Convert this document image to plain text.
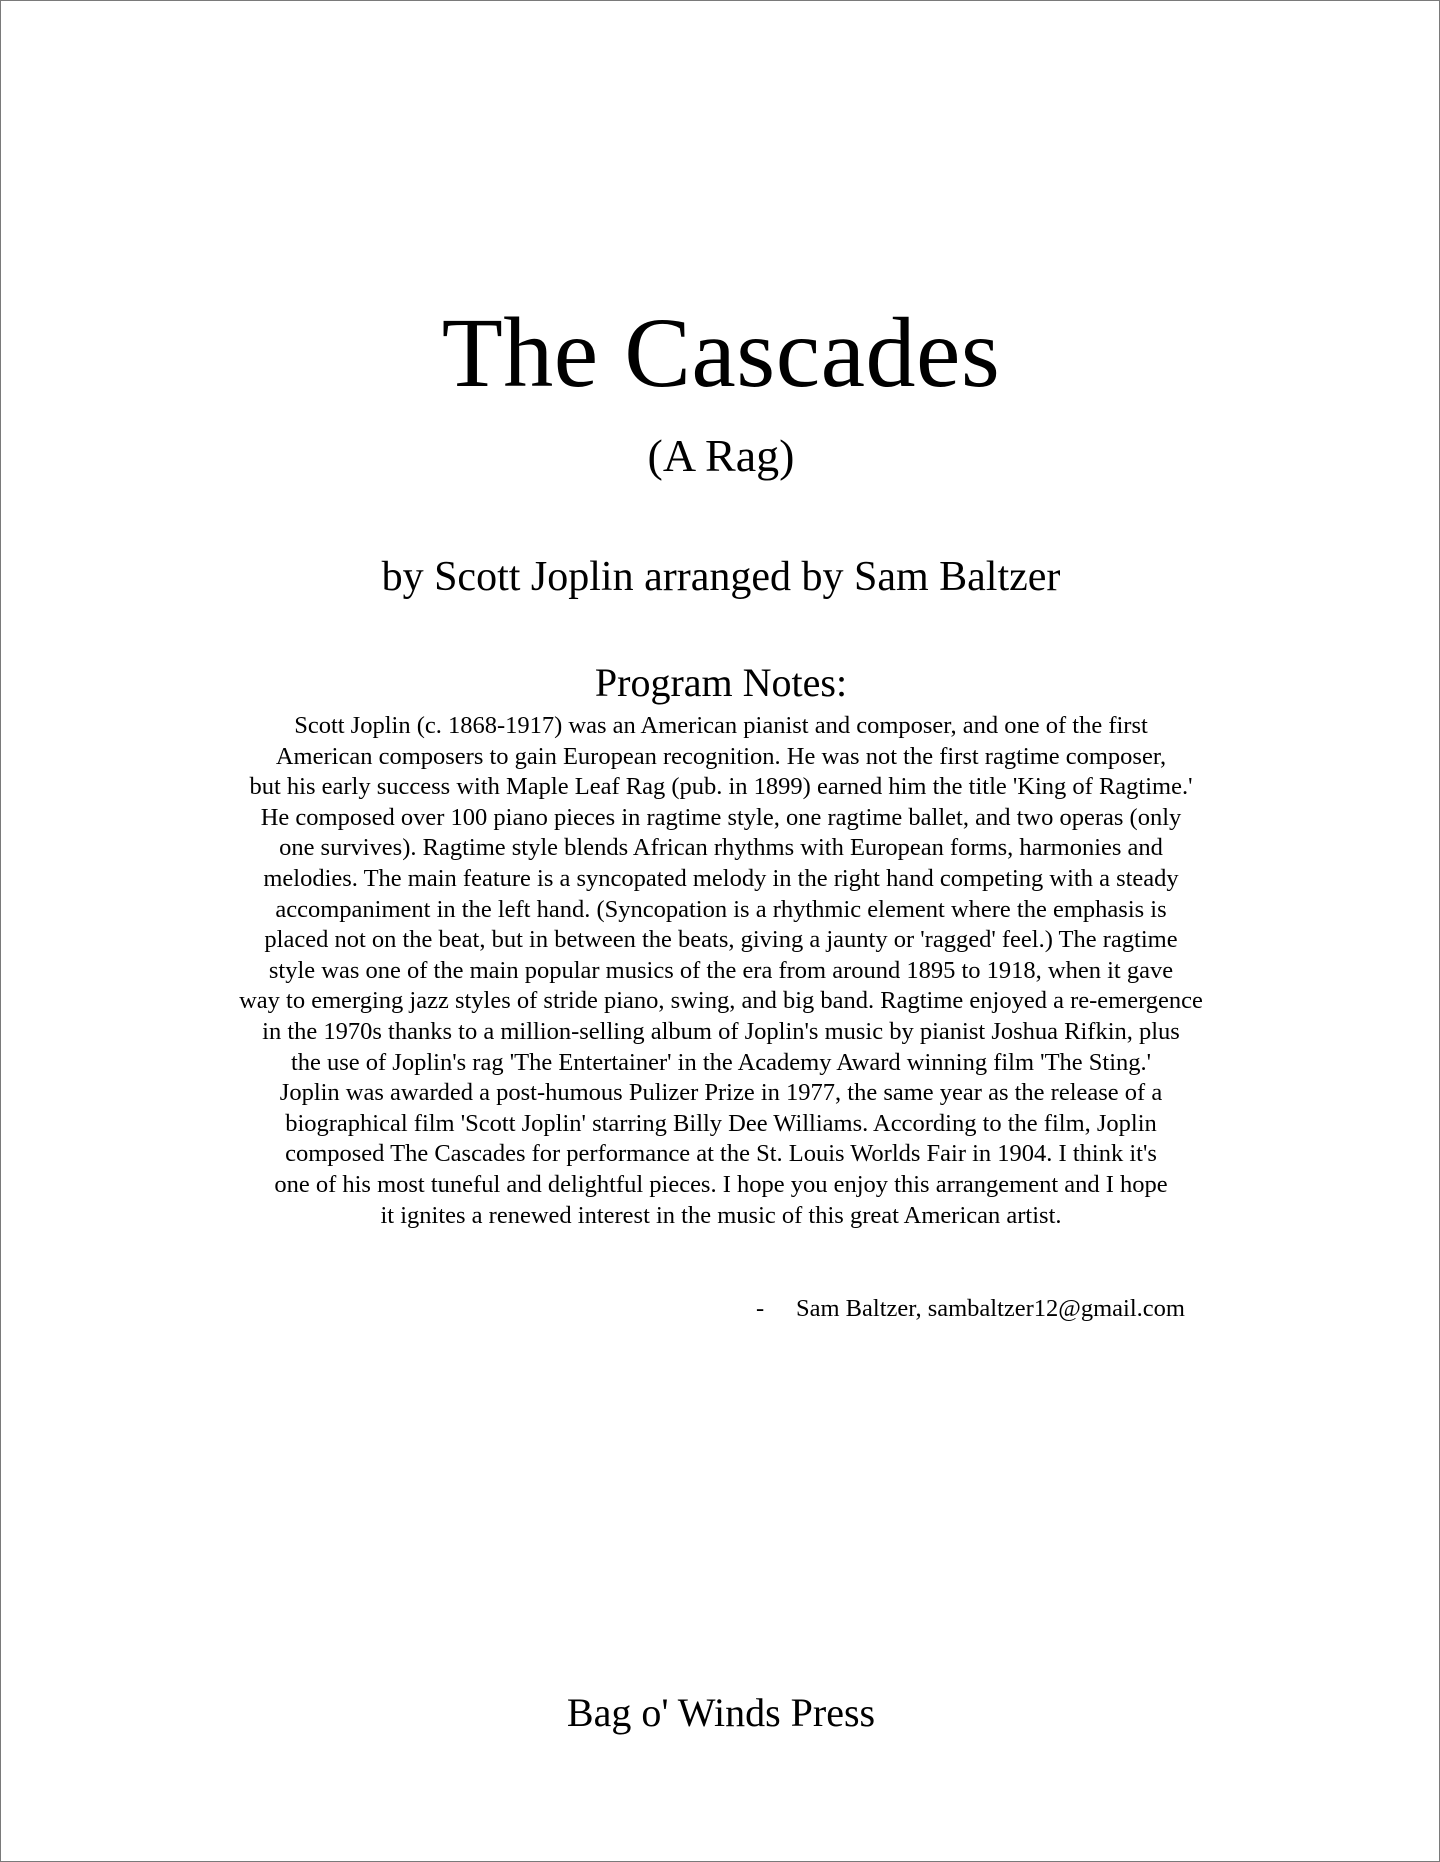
The Cascades
(A Rag)
by Scott Joplin arranged by Sam Baltzer
Program Notes:
Scott Joplin (c. 1868-1917) was an American pianist and composer, and one of the first
American composers to gain European recognition. He was not the first ragtime composer,
but his early success with Maple Leaf Rag (pub. in 1899) earned him the title 'King of Ragtime.'
He composed over 100 piano pieces in ragtime style, one ragtime ballet, and two operas (only
one survives). Ragtime style blends African rhythms with European forms, harmonies and
melodies. The main feature is a syncopated melody in the right hand competing with a steady
accompaniment in the left hand. (Syncopation is a rhythmic element where the emphasis is
placed not on the beat, but in between the beats, giving a jaunty or 'ragged' feel.) The ragtime
style was one of the main popular musics of the era from around 1895 to 1918, when it gave
way to emerging jazz styles of stride piano, swing, and big band. Ragtime enjoyed a re-emergence
in the 1970s thanks to a million-selling album of Joplin's music by pianist Joshua Rifkin, plus
the use of Joplin's rag 'The Entertainer' in the Academy Award winning film 'The Sting.'
Joplin was awarded a post-humous Pulizer Prize in 1977, the same year as the release of a
biographical film 'Scott Joplin' starring Billy Dee Williams. According to the film, Joplin
composed The Cascades for performance at the St. Louis Worlds Fair in 1904. I think it's
one of his most tuneful and delightful pieces. I hope you enjoy this arrangement and I hope
it ignites a renewed interest in the music of this great American artist.
- Sam Baltzer, sambaltzer12@gmail.com
Bag o' Winds Press
